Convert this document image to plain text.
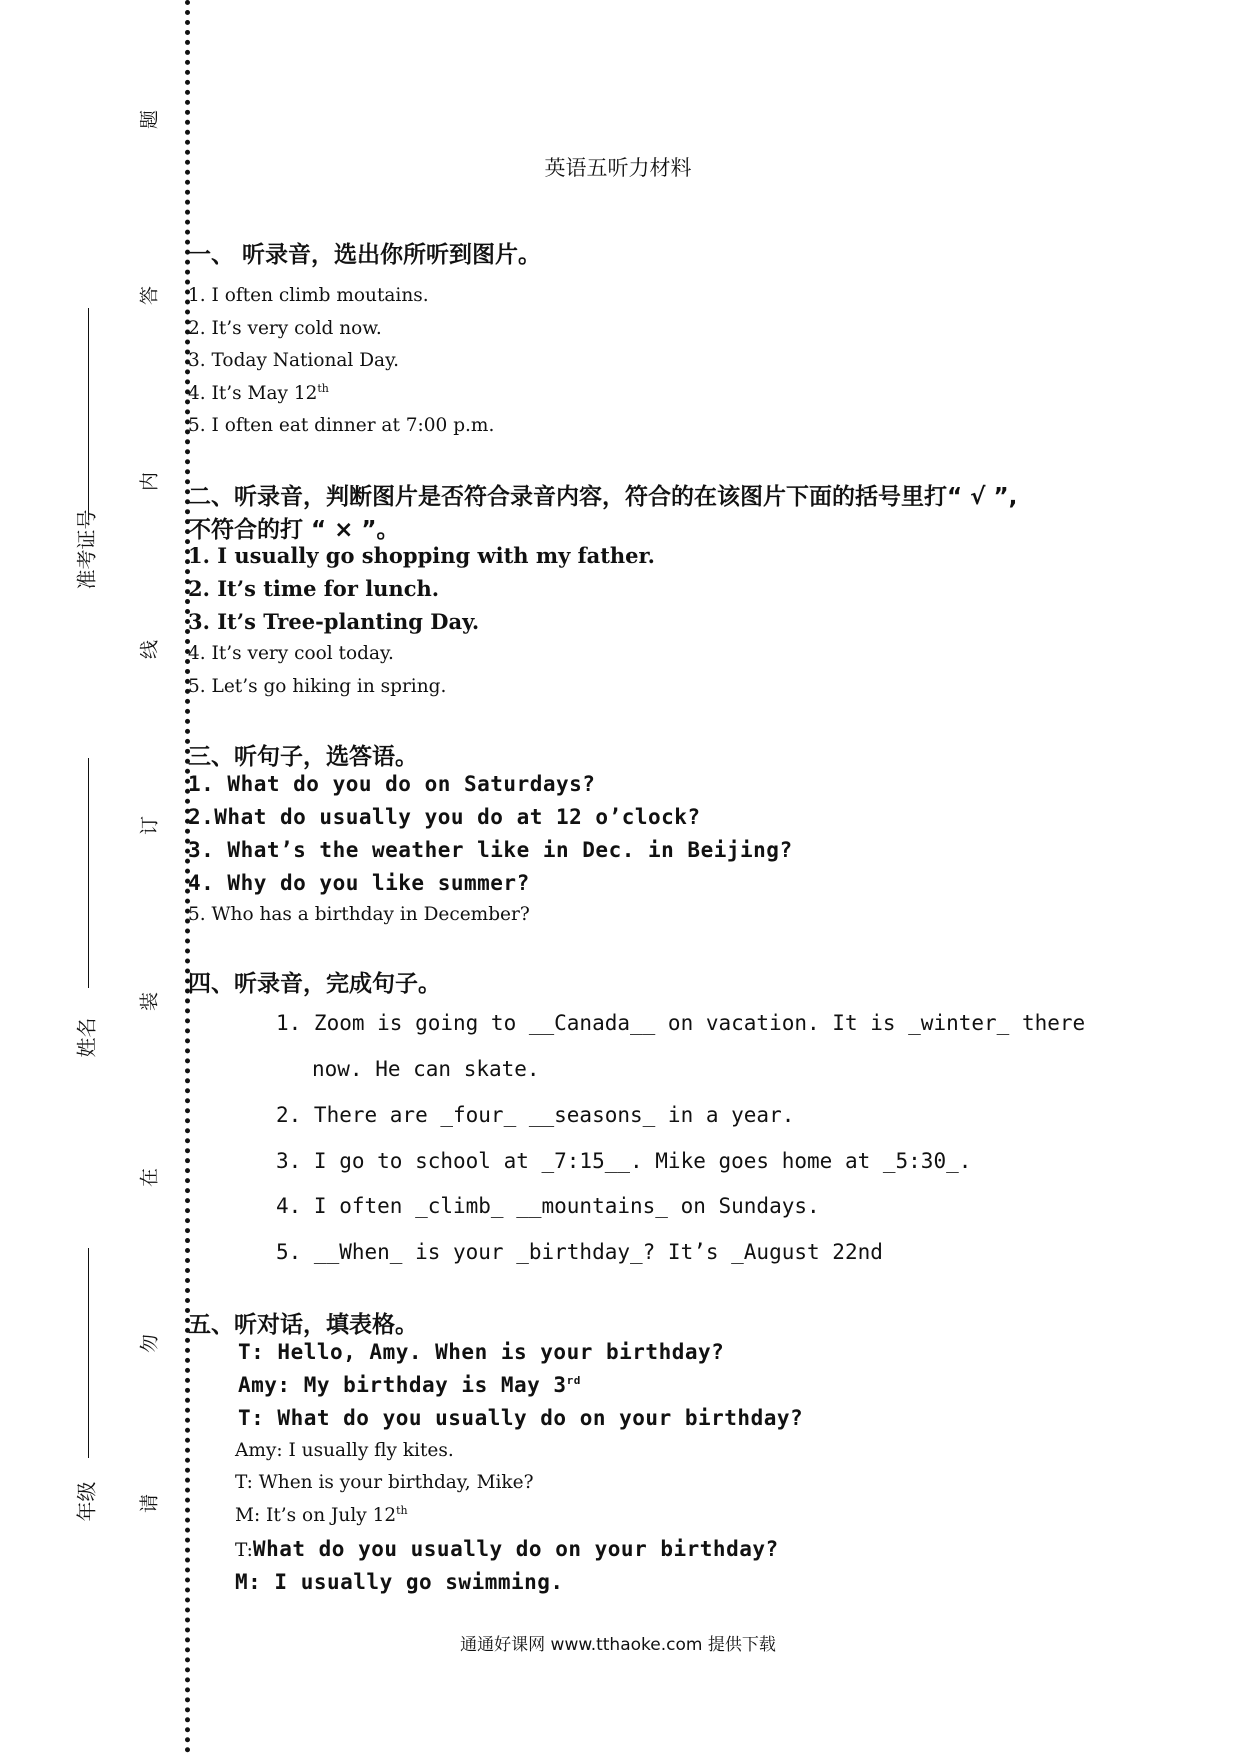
题
答
内
线
订
装
在
勿
请
准考证号
姓名
年级
英语五听力材料
一、 听录音，选出你所听到图片。
1. I often climb moutains.
2. It’s very cold now.
3. Today National Day.
4. It’s May 12th
5. I often eat dinner at 7:00 p.m.
二、听录音，判断图片是否符合录音内容，符合的在该图片下面的括号里打“ √ ”,
不符合的打 “ × ”。
1. I usually go shopping with my father.
2. It’s time for lunch.
3. It’s Tree-planting Day.
4. It’s very cool today.
5. Let’s go hiking in spring.
三、听句子，选答语。
1. What do you do on Saturdays?
2.What do usually you do at 12 o’clock?
3. What’s the weather like in Dec. in Beijing?
4. Why do you like summer?
5. Who has a birthday in December?
四、听录音，完成句子。
1. Zoom is going to __Canada__ on vacation. It is _winter_ there
now. He can skate.
2. There are _four_ __seasons_ in a year.
3. I go to school at _7:15__. Mike goes home at _5:30_.
4. I often _climb_ __mountains_ on Sundays.
5. __When_ is your _birthday_? It’s _August 22nd
五、听对话，填表格。
T: Hello, Amy. When is your birthday?
Amy: My birthday is May 3rd
T: What do you usually do on your birthday?
Amy: I usually fly kites.
T: When is your birthday, Mike?
M: It’s on July 12th
T:What do you usually do on your birthday?
M: I usually go swimming.
通通好课网 www.tthaoke.com 提供下载
